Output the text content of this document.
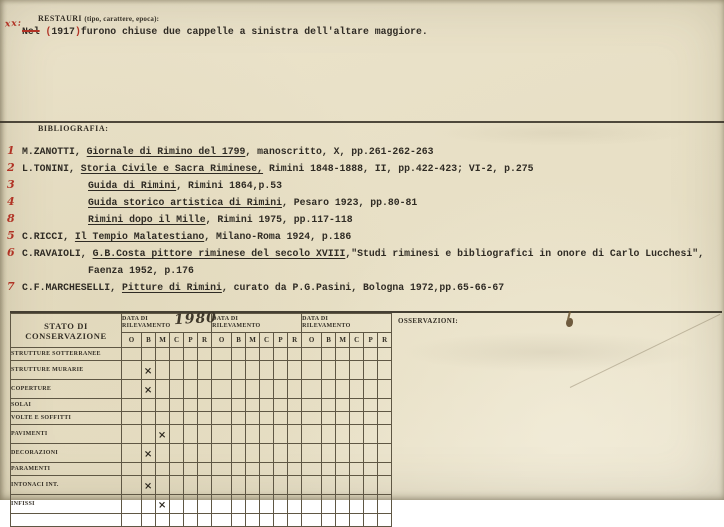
RESTAURI (tipo, carattere, epoca):
xx:
Nel (1917)furono chiuse due cappelle a sinistra dell'altare maggiore.
BIBLIOGRAFIA:
1 M.ZANOTTI, Giornale di Rimino del 1799, manoscritto, X, pp.261-262-263
2 L.TONINI, Storia Civile e Sacra Riminese, Rimini 1848-1888, II, pp.422-423; VI-2, p.275
3	Guida di Rimini, Rimini 1864,p.53
4	Guida storico artistica di Rimini, Pesaro 1923, pp.80-81
8	Rimini dopo il Mille, Rimini 1975, pp.117-118
5 C.RICCI, Il Tempio Malatestiano, Milano-Roma 1924, p.186
6 C.RAVAIOLI, G.B.Costa pittore riminese del secolo XVIII,"Studi riminesi e bibliografici in onore di Carlo Lucchesi",
Faenza 1952, p.176
7 C.F.MARCHESELLI, Pitture di Rimini, curato da P.G.Pasini, Bologna 1972,pp.65-66-67
STATO DI CONSERVAZIONE	DATA DI RILEVAMENTO						DATA DI RILEVAMENTO						DATA DI RILEVAMENTO					
	O	B	M	C	P	R	O	B	M	C	P	R	O	B	M	C	P	R
STRUTTURE SOTTERRANEE																		
STRUTTURE MURARIE		×																
COPERTURE		×																
SOLAI																		
VOLTE E SOFFITTI																		
PAVIMENTI			×															
DECORAZIONI		×																
PARAMENTI																		
INTONACI INT.		×																
INFISSI			×															

1980	OSSERVAZIONI:
